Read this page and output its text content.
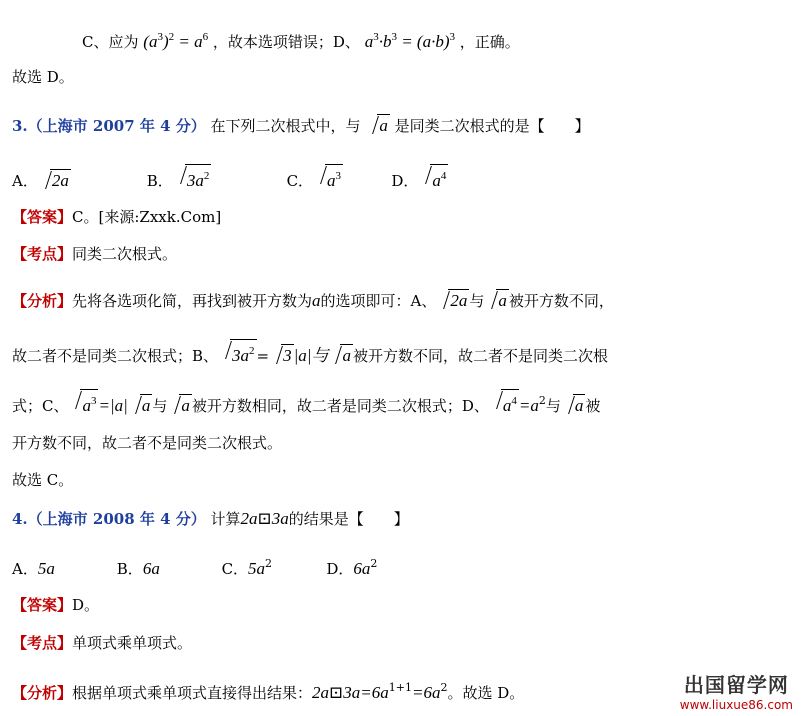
C、应为 $(a^3)^2 = a^6$ ，故本选项错误；D、 $a^3\cdot b^3 = (a\cdot b)^3$ ，正确。
故选 D。
3.（上海市 2007 年 4 分） 在下列二次根式中，与 a 是同类二次根式的是【　　】
A． 2a	B． $3a^2$	C． $a^3$	D． $a^4$
【答案】C。[来源:Zxxk.Com]
【考点】同类二次根式。
【分析】先将各选项化简，再找到被开方数为a的选项即可：A、 2a 与 a 被开方数不同，
故二者不是同类二次根式；B、 $3a^2 = 3$ |a|与 a 被开方数不同，故二者不是同类二次根
式；C、 $a^3 =|a|$ a 与 a 被开方数相同，故二者是同类二次根式；D、 $a^4 =a^2$与 a 被
开方数不同，故二者不是同类二次根式。
故选 C。
4.（上海市 2008 年 4 分） 计算2a⊡3a的结果是【　　】
A．5a	B．6a	C．$5a^2$	D．$6a^2$
【答案】D。
【考点】单项式乘单项式。
【分析】根据单项式乘单项式直接得出结果：$2a⊡3a=6a^{1+1}=6a^2$。故选 D。	出国留学网
www.liuxue86.com
